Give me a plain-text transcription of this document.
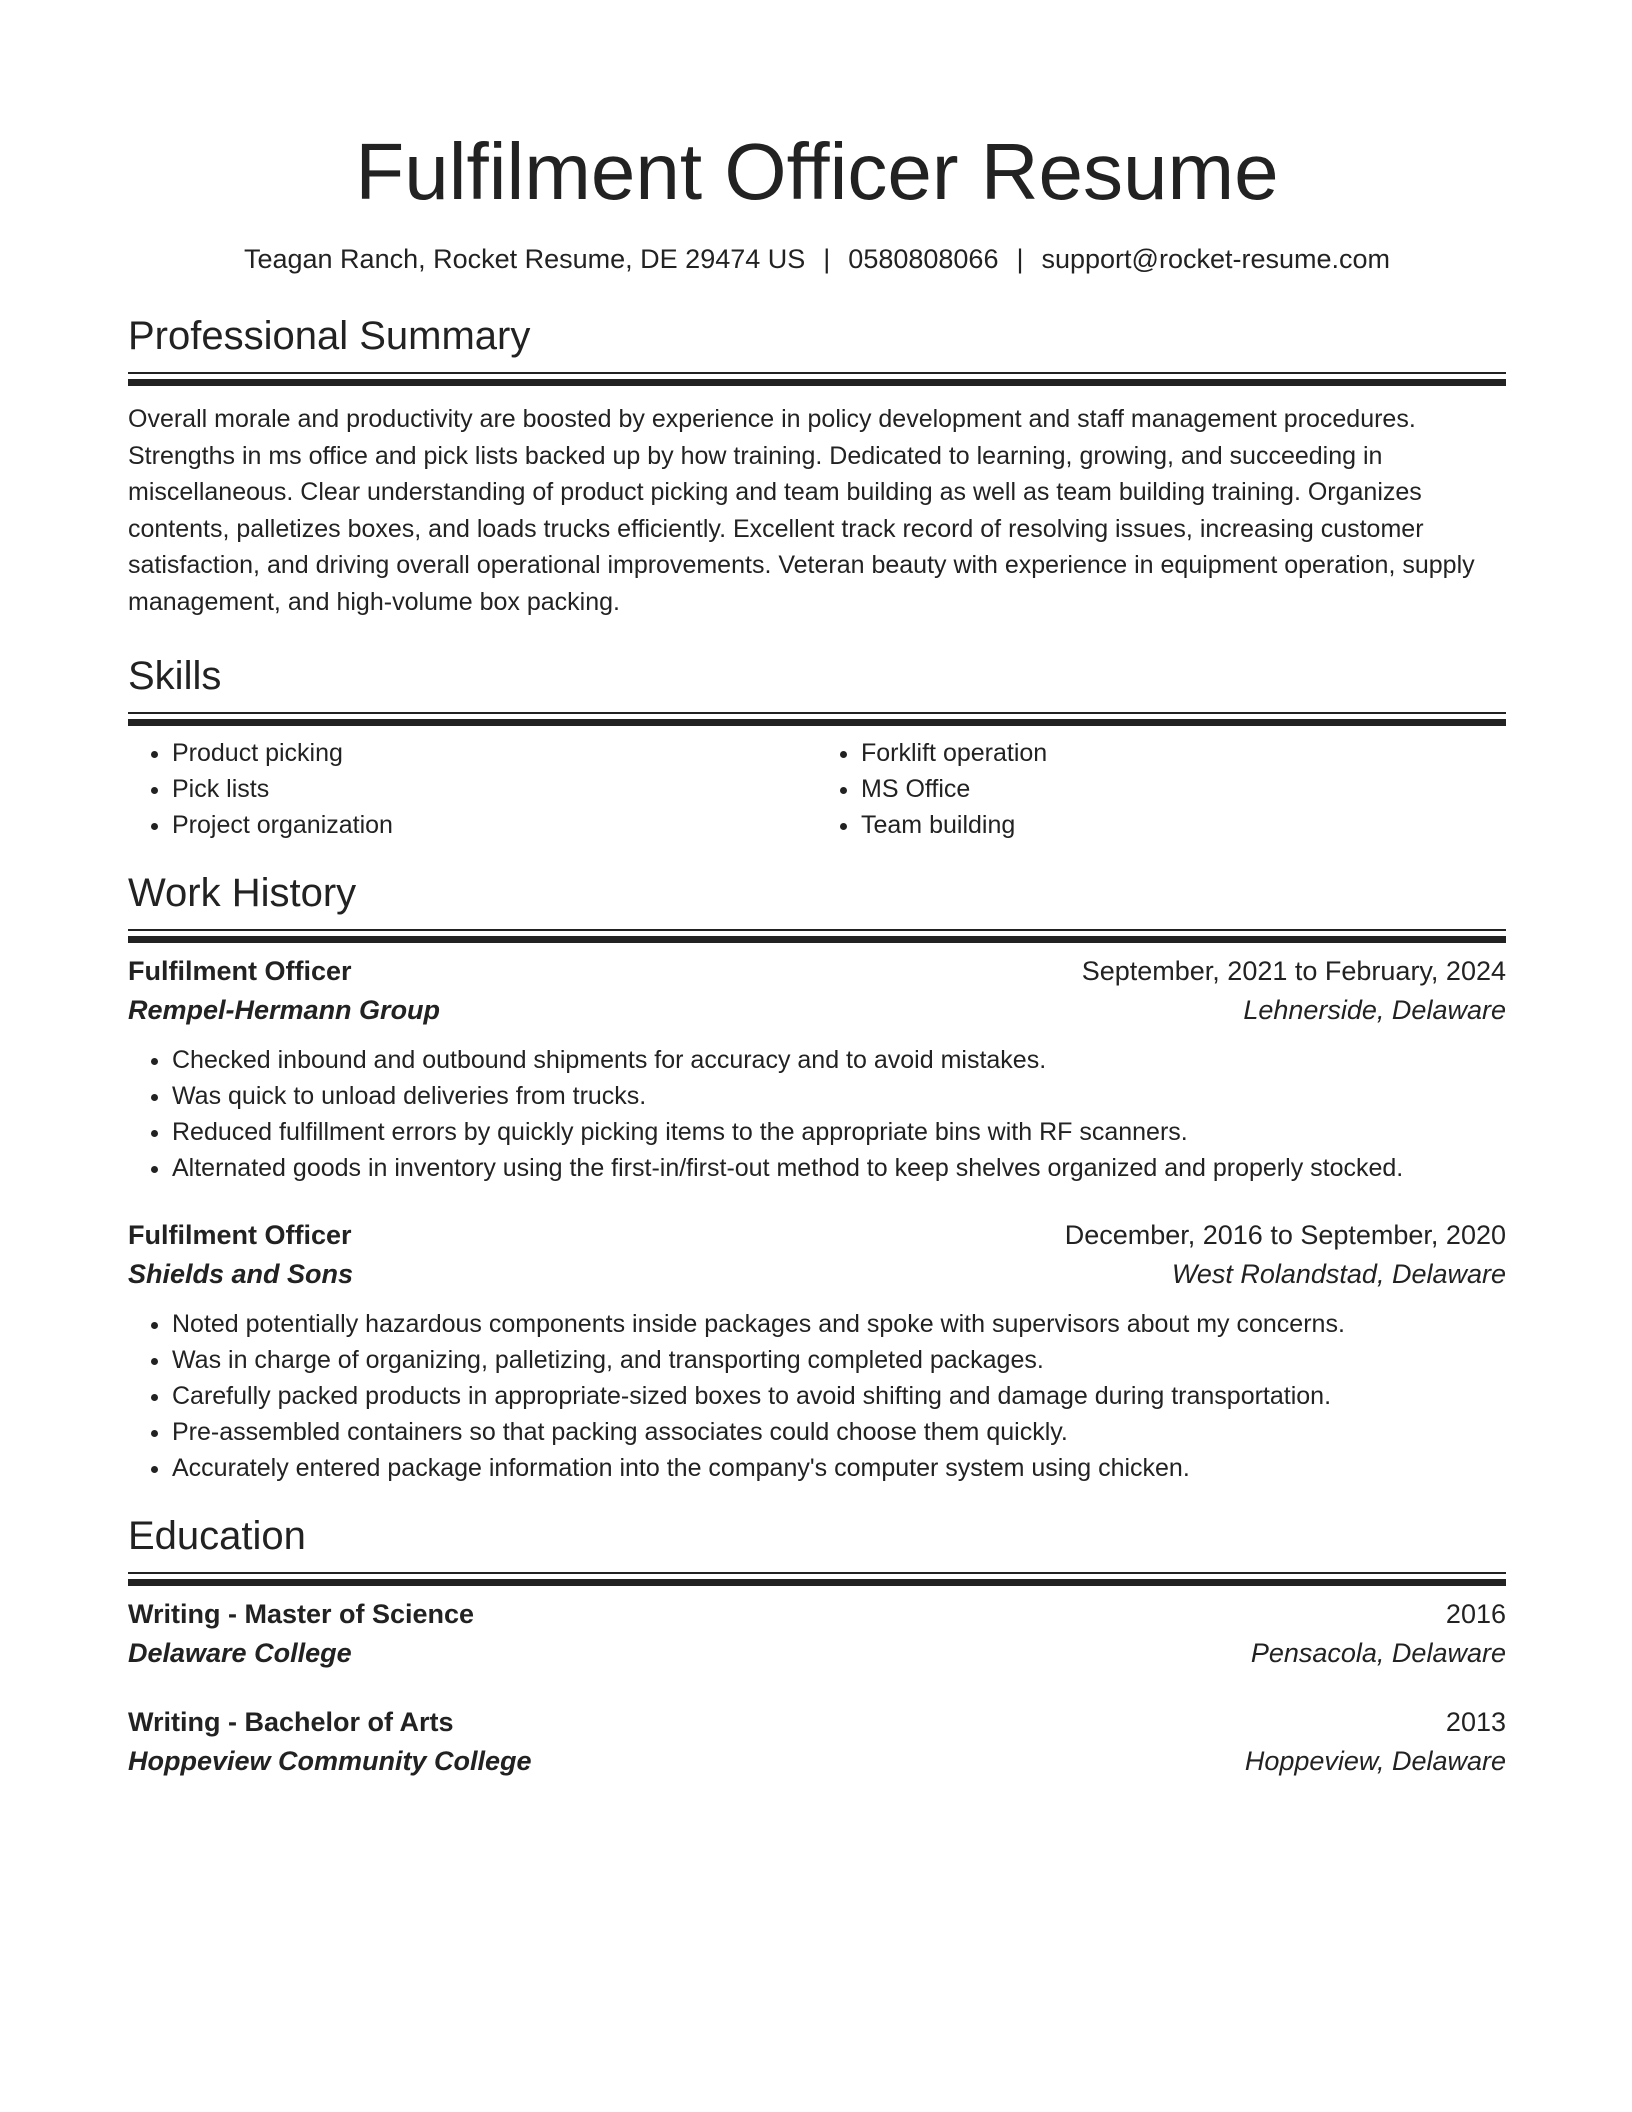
Fulfilment Officer Resume
Teagan Ranch, Rocket Resume, DE 29474 US | 0580808066 | support@rocket-resume.com
Professional Summary
Overall morale and productivity are boosted by experience in policy development and staff management procedures. Strengths in ms office and pick lists backed up by how training. Dedicated to learning, growing, and succeeding in miscellaneous. Clear understanding of product picking and team building as well as team building training. Organizes contents, palletizes boxes, and loads trucks efficiently. Excellent track record of resolving issues, increasing customer satisfaction, and driving overall operational improvements. Veteran beauty with experience in equipment operation, supply management, and high-volume box packing.
Skills
• Product picking
• Pick lists
• Project organization
• Forklift operation
• MS Office
• Team building
Work History
Fulfilment Officer	September, 2021 to February, 2024
Rempel-Hermann Group	Lehnerside, Delaware
• Checked inbound and outbound shipments for accuracy and to avoid mistakes.
• Was quick to unload deliveries from trucks.
• Reduced fulfillment errors by quickly picking items to the appropriate bins with RF scanners.
• Alternated goods in inventory using the first-in/first-out method to keep shelves organized and properly stocked.
Fulfilment Officer	December, 2016 to September, 2020
Shields and Sons	West Rolandstad, Delaware
• Noted potentially hazardous components inside packages and spoke with supervisors about my concerns.
• Was in charge of organizing, palletizing, and transporting completed packages.
• Carefully packed products in appropriate-sized boxes to avoid shifting and damage during transportation.
• Pre-assembled containers so that packing associates could choose them quickly.
• Accurately entered package information into the company's computer system using chicken.
Education
Writing - Master of Science	2016
Delaware College	Pensacola, Delaware
Writing - Bachelor of Arts	2013
Hoppeview Community College	Hoppeview, Delaware
